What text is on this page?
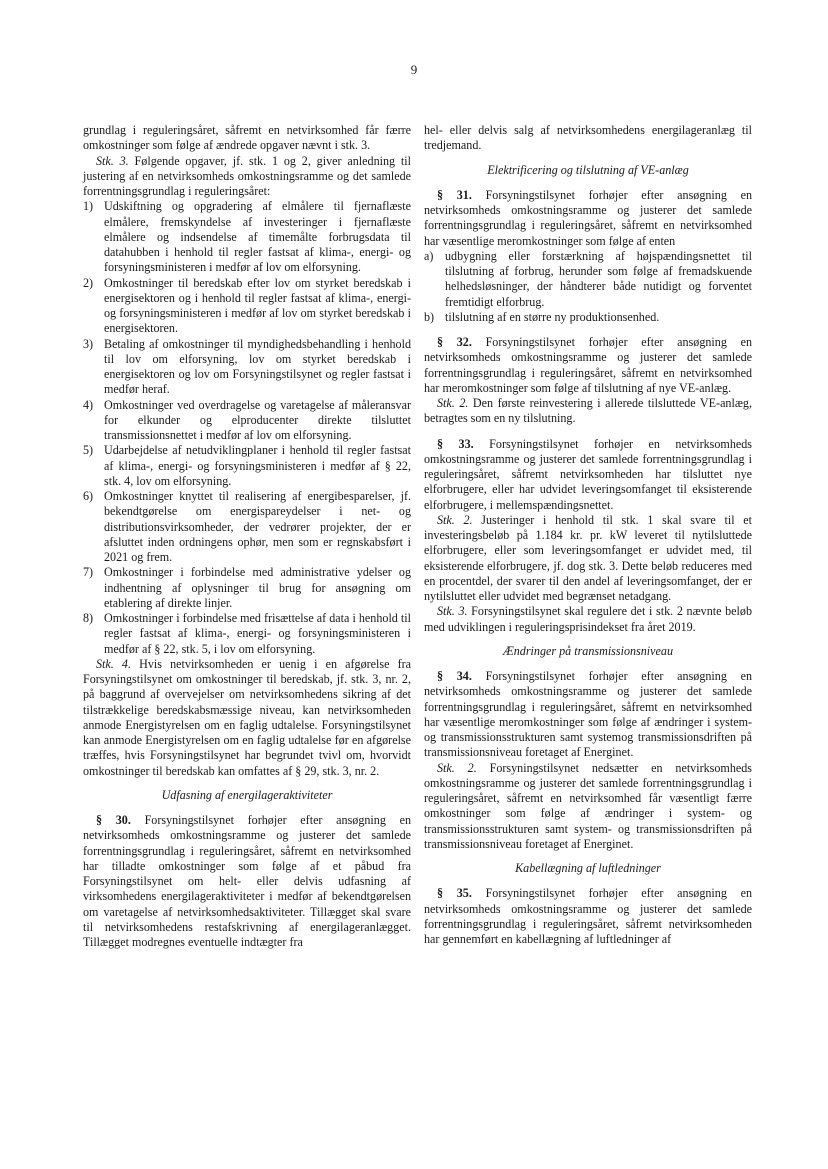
9

grundlag i reguleringsåret, såfremt en netvirksomhed får færre omkostninger som følge af ændrede opgaver nævnt i stk. 3.

Stk. 3. Følgende opgaver, jf. stk. 1 og 2, giver anledning til justering af en netvirksomheds omkostningsramme og det samlede forrentningsgrundlag i reguleringsåret:

1) Udskiftning og opgradering af elmålere til fjernaflæste elmålere, fremskyndelse af investeringer i fjernaflæste elmålere og indsendelse af timemålte forbrugsdata til datahubben i henhold til regler fastsat af klima-, energi- og forsyningsministeren i medfør af lov om elforsyning.
2) Omkostninger til beredskab efter lov om styrket beredskab i energisektoren og i henhold til regler fastsat af klima-, energi- og forsyningsministeren i medfør af lov om styrket beredskab i energisektoren.
3) Betaling af omkostninger til myndighedsbehandling i henhold til lov om elforsyning, lov om styrket beredskab i energisektoren og lov om Forsyningstilsynet og regler fastsat i medfør heraf.
4) Omkostninger ved overdragelse og varetagelse af måleransvar for elkunder og elproducenter direkte tilsluttet transmissionsnettet i medfør af lov om elforsyning.
5) Udarbejdelse af netudviklingplaner i henhold til regler fastsat af klima-, energi- og forsyningsministeren i medfør af § 22, stk. 4, lov om elforsyning.
6) Omkostninger knyttet til realisering af energibesparelser, jf. bekendtgørelse om energispareydelser i net- og distributionsvirksomheder, der vedrører projekter, der er afsluttet inden ordningens ophør, men som er regnskabsført i 2021 og frem.
7) Omkostninger i forbindelse med administrative ydelser og indhentning af oplysninger til brug for ansøgning om etablering af direkte linjer.
8) Omkostninger i forbindelse med frisættelse af data i henhold til regler fastsat af klima-, energi- og forsyningsministeren i medfør af § 22, stk. 5, i lov om elforsyning.

Stk. 4. Hvis netvirksomheden er uenig i en afgørelse fra Forsyningstilsynet om omkostninger til beredskab, jf. stk. 3, nr. 2, på baggrund af overvejelser om netvirksomhedens sikring af det tilstrækkelige beredskabsmæssige niveau, kan netvirksomheden anmode Energistyrelsen om en faglig udtalelse. Forsyningstilsynet kan anmode Energistyrelsen om en faglig udtalelse før en afgørelse træffes, hvis Forsyningstilsynet har begrundet tvivl om, hvorvidt omkostninger til beredskab kan omfattes af § 29, stk. 3, nr. 2.

Udfasning af energilageraktiviteter

§ 30. Forsyningstilsynet forhøjer efter ansøgning en netvirksomheds omkostningsramme og justerer det samlede forrentningsgrundlag i reguleringsåret, såfremt en netvirksomhed har tilladte omkostninger som følge af et påbud fra Forsyningstilsynet om helt- eller delvis udfasning af virksomhedens energilageraktiviteter i medfør af bekendtgørelsen om varetagelse af netvirksomhedsaktiviteter. Tillægget skal svare til netvirksomhedens restafskrivning af energilageranlægget. Tillægget modregnes eventuelle indtægter fra

hel- eller delvis salg af netvirksomhedens energilageranlæg til tredjemand.

Elektrificering og tilslutning af VE-anlæg

§ 31. Forsyningstilsynet forhøjer efter ansøgning en netvirksomheds omkostningsramme og justerer det samlede forrentningsgrundlag i reguleringsåret, såfremt en netvirksomhed har væsentlige meromkostninger som følge af enten

a) udbygning eller forstærkning af højspændingsnettet til tilslutning af forbrug, herunder som følge af fremadskuende helhedsløsninger, der håndterer både nutidigt og forventet fremtidigt elforbrug.
b) tilslutning af en større ny produktionsenhed.

§ 32. Forsyningstilsynet forhøjer efter ansøgning en netvirksomheds omkostningsramme og justerer det samlede forrentningsgrundlag i reguleringsåret, såfremt en netvirksomhed har meromkostninger som følge af tilslutning af nye VE-anlæg.

Stk. 2. Den første reinvestering i allerede tilsluttede VE-anlæg, betragtes som en ny tilslutning.

§ 33. Forsyningstilsynet forhøjer en netvirksomheds omkostningsramme og justerer det samlede forrentningsgrundlag i reguleringsåret, såfremt netvirksomheden har tilsluttet nye elforbrugere, eller har udvidet leveringsomfanget til eksisterende elforbrugere, i mellemspændingsnettet.

Stk. 2. Justeringer i henhold til stk. 1 skal svare til et investeringsbeløb på 1.184 kr. pr. kW leveret til nytilsluttede elforbrugere, eller som leveringsomfanget er udvidet med, til eksisterende elforbrugere, jf. dog stk. 3. Dette beløb reduceres med en procentdel, der svarer til den andel af leveringsomfanget, der er nytilsluttet eller udvidet med begrænset netadgang.

Stk. 3. Forsyningstilsynet skal regulere det i stk. 2 nævnte beløb med udviklingen i reguleringsprisindekset fra året 2019.

Ændringer på transmissionsniveau

§ 34. Forsyningstilsynet forhøjer efter ansøgning en netvirksomheds omkostningsramme og justerer det samlede forrentningsgrundlag i reguleringsåret, såfremt en netvirksomhed har væsentlige meromkostninger som følge af ændringer i system- og transmissionsstrukturen samt systemog transmissionsdriften på transmissionsniveau foretaget af Energinet.

Stk. 2. Forsyningstilsynet nedsætter en netvirksomheds omkostningsramme og justerer det samlede forrentningsgrundlag i reguleringsåret, såfremt en netvirksomhed får væsentligt færre omkostninger som følge af ændringer i system- og transmissionsstrukturen samt system- og transmissionsdriften på transmissionsniveau foretaget af Energinet.

Kabellægning af luftledninger

§ 35. Forsyningstilsynet forhøjer efter ansøgning en netvirksomheds omkostningsramme og justerer det samlede forrentningsgrundlag i reguleringsåret, såfremt netvirksomheden har gennemført en kabellægning af luftledninger af
